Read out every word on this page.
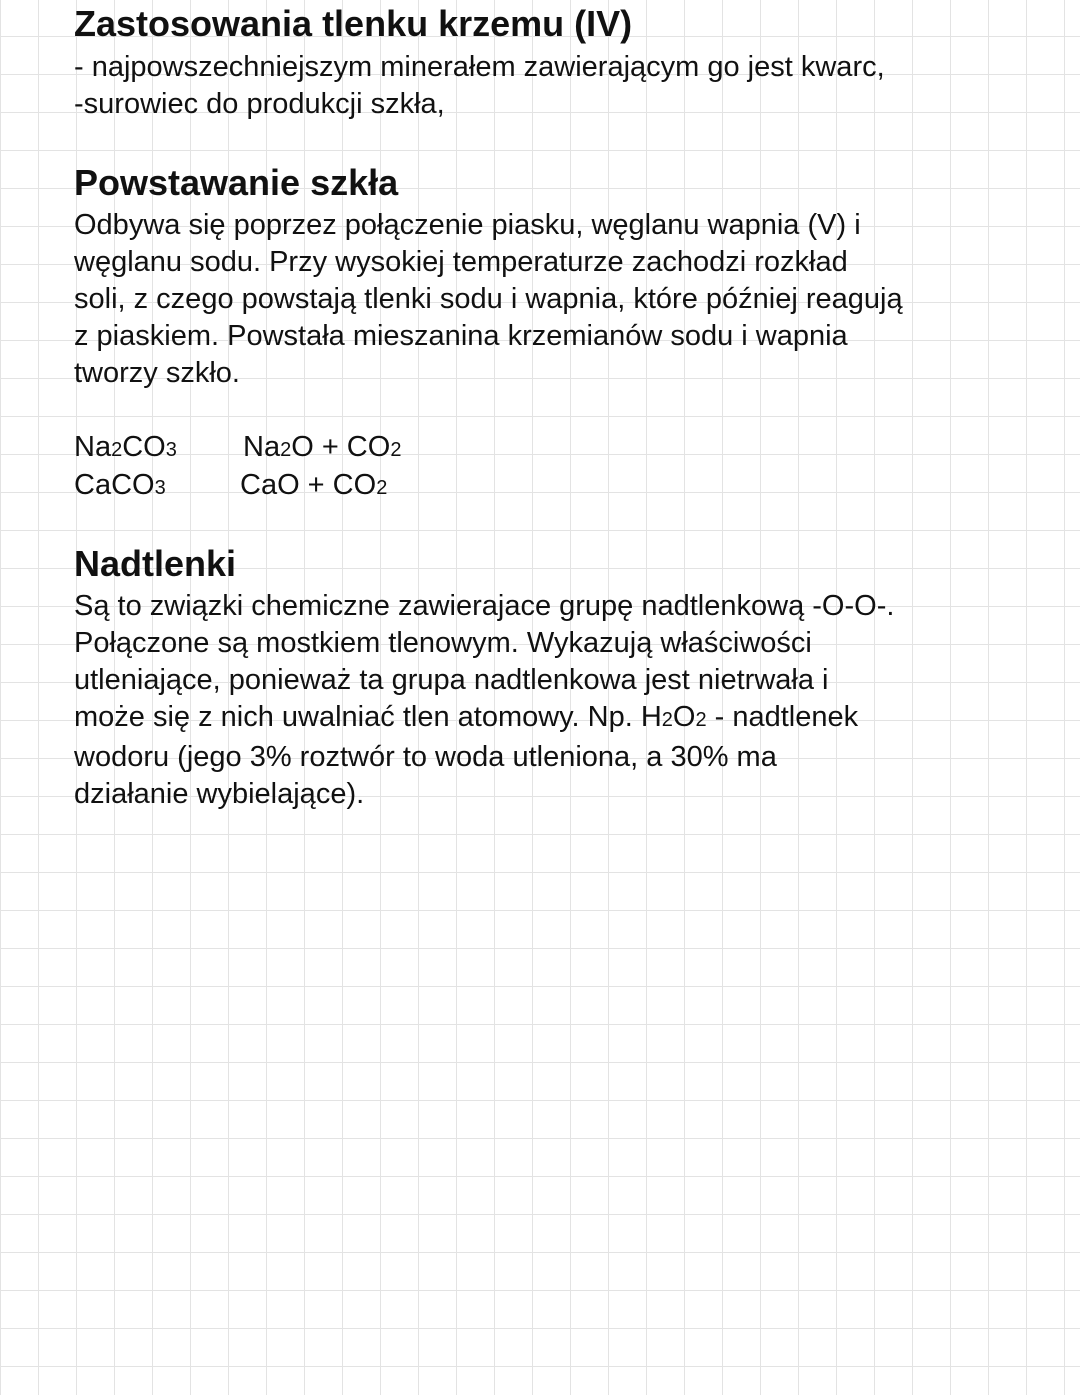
Zastosowania tlenku krzemu (IV)
- najpowszechniejszym minerałem zawierającym go jest kwarc,
-surowiec do produkcji szkła,
Powstawanie szkła

Odbywa się poprzez połączenie piasku, węglanu wapnia (V) i
węglanu sodu. Przy wysokiej temperaturze zachodzi rozkład
soli, z czego powstają tlenki sodu i wapnia, które później reagują
z piaskiem. Powstała mieszanina krzemianów sodu i wapnia
tworzy szkło.

Na2CO3 Na2O + CO2
CaCO3	CaO + CO2
Nadtlenki

Są to związki chemiczne zawierajace grupę nadtlenkową -O-O-.
Połączone są mostkiem tlenowym. Wykazują właściwości
utleniające, ponieważ ta grupa nadtlenkowa jest nietrwała i
może się z nich uwalniać tlen atomowy. Np. H2O2 - nadtlenek
wodoru (jego 3% roztwór to woda utleniona, a 30% ma
działanie wybielające).
